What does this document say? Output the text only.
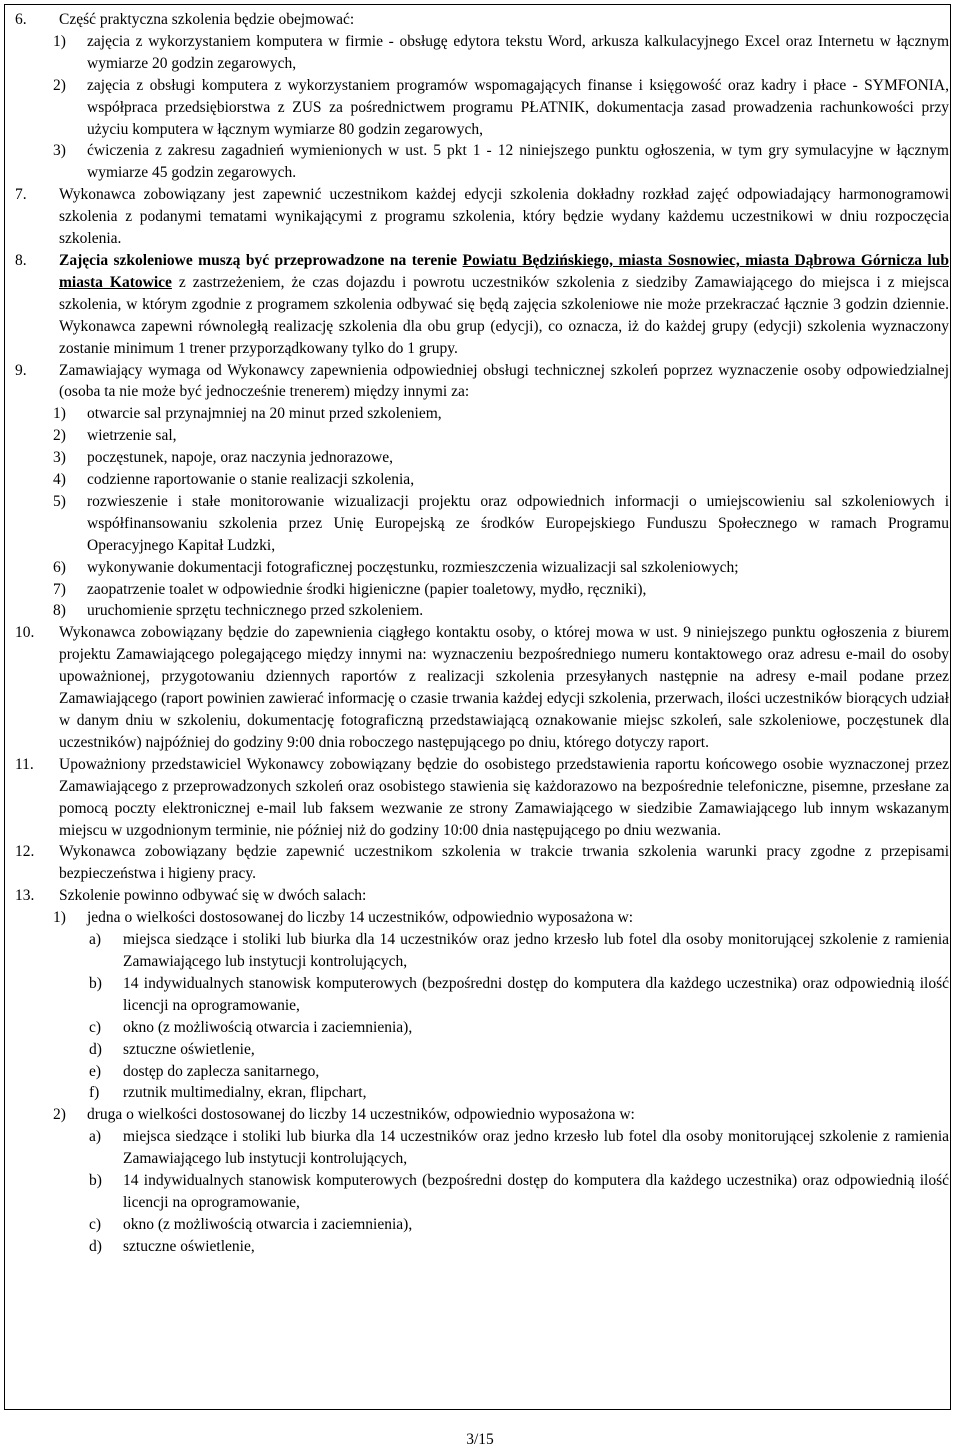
6. Część praktyczna szkolenia będzie obejmować:
1) zajęcia z wykorzystaniem komputera w firmie - obsługę edytora tekstu Word, arkusza kalkulacyjnego Excel oraz Internetu w łącznym wymiarze 20 godzin zegarowych,
2) zajęcia z obsługi komputera z wykorzystaniem programów wspomagających finanse i księgowość oraz kadry i płace - SYMFONIA, współpraca przedsiębiorstwa z ZUS za pośrednictwem programu PŁATNIK, dokumentacja zasad prowadzenia rachunkowości przy użyciu komputera w łącznym wymiarze 80 godzin zegarowych,
3) ćwiczenia z zakresu zagadnień wymienionych w ust. 5 pkt 1 - 12 niniejszego punktu ogłoszenia, w tym gry symulacyjne w łącznym wymiarze 45 godzin zegarowych.
7. Wykonawca zobowiązany jest zapewnić uczestnikom każdej edycji szkolenia dokładny rozkład zajęć odpowiadający harmonogramowi szkolenia z podanymi tematami wynikającymi z programu szkolenia, który będzie wydany każdemu uczestnikowi w dniu rozpoczęcia szkolenia.
8. Zajęcia szkoleniowe muszą być przeprowadzone na terenie Powiatu Będzińskiego, miasta Sosnowiec, miasta Dąbrowa Górnicza lub miasta Katowice z zastrzeżeniem, że czas dojazdu i powrotu uczestników szkolenia z siedziby Zamawiającego do miejsca i z miejsca szkolenia, w którym zgodnie z programem szkolenia odbywać się będą zajęcia szkoleniowe nie może przekraczać łącznie 3 godzin dziennie. Wykonawca zapewni równoległą realizację szkolenia dla obu grup (edycji), co oznacza, iż do każdej grupy (edycji) szkolenia wyznaczony zostanie minimum 1 trener przyporządkowany tylko do 1 grupy.
9. Zamawiający wymaga od Wykonawcy zapewnienia odpowiedniej obsługi technicznej szkoleń poprzez wyznaczenie osoby odpowiedzialnej (osoba ta nie może być jednocześnie trenerem) między innymi za:
1) otwarcie sal przynajmniej na 20 minut przed szkoleniem,
2) wietrzenie sal,
3) poczęstunek, napoje, oraz naczynia jednorazowe,
4) codzienne raportowanie o stanie realizacji szkolenia,
5) rozwieszenie i stałe monitorowanie wizualizacji projektu oraz odpowiednich informacji o umiejscowieniu sal szkoleniowych i współfinansowaniu szkolenia przez Unię Europejską ze środków Europejskiego Funduszu Społecznego w ramach Programu Operacyjnego Kapitał Ludzki,
6) wykonywanie dokumentacji fotograficznej poczęstunku, rozmieszczenia wizualizacji sal szkoleniowych;
7) zaopatrzenie toalet w odpowiednie środki higieniczne (papier toaletowy, mydło, ręczniki),
8) uruchomienie sprzętu technicznego przed szkoleniem.
10. Wykonawca zobowiązany będzie do zapewnienia ciągłego kontaktu osoby, o której mowa w ust. 9 niniejszego punktu ogłoszenia z biurem projektu Zamawiającego polegającego między innymi na: wyznaczeniu bezpośredniego numeru kontaktowego oraz adresu e-mail do osoby upoważnionej, przygotowaniu dziennych raportów z realizacji szkolenia przesyłanych następnie na adresy e-mail podane przez Zamawiającego (raport powinien zawierać informację o czasie trwania każdej edycji szkolenia, przerwach, ilości uczestników biorących udział w danym dniu w szkoleniu, dokumentację fotograficzną przedstawiającą oznakowanie miejsc szkoleń, sale szkoleniowe, poczęstunek dla uczestników) najpóźniej do godziny 9:00 dnia roboczego następującego po dniu, którego dotyczy raport.
11. Upoważniony przedstawiciel Wykonawcy zobowiązany będzie do osobistego przedstawienia raportu końcowego osobie wyznaczonej przez Zamawiającego z przeprowadzonych szkoleń oraz osobistego stawienia się każdorazowo na bezpośrednie telefoniczne, pisemne, przesłane za pomocą poczty elektronicznej e-mail lub faksem wezwanie ze strony Zamawiającego w siedzibie Zamawiającego lub innym wskazanym miejscu w uzgodnionym terminie, nie później niż do godziny 10:00 dnia następującego po dniu wezwania.
12. Wykonawca zobowiązany będzie zapewnić uczestnikom szkolenia w trakcie trwania szkolenia warunki pracy zgodne z przepisami bezpieczeństwa i higieny pracy.
13. Szkolenie powinno odbywać się w dwóch salach:
1) jedna o wielkości dostosowanej do liczby 14 uczestników, odpowiednio wyposażona w:
a) miejsca siedzące i stoliki lub biurka dla 14 uczestników oraz jedno krzesło lub fotel dla osoby monitorującej szkolenie z ramienia Zamawiającego lub instytucji kontrolujących,
b) 14 indywidualnych stanowisk komputerowych (bezpośredni dostęp do komputera dla każdego uczestnika) oraz odpowiednią ilość licencji na oprogramowanie,
c) okno (z możliwością otwarcia i zaciemnienia),
d) sztuczne oświetlenie,
e) dostęp do zaplecza sanitarnego,
f) rzutnik multimedialny, ekran, flipchart,
2) druga o wielkości dostosowanej do liczby 14 uczestników, odpowiednio wyposażona w:
a) miejsca siedzące i stoliki lub biurka dla 14 uczestników oraz jedno krzesło lub fotel dla osoby monitorującej szkolenie z ramienia Zamawiającego lub instytucji kontrolujących,
b) 14 indywidualnych stanowisk komputerowych (bezpośredni dostęp do komputera dla każdego uczestnika) oraz odpowiednią ilość licencji na oprogramowanie,
c) okno (z możliwością otwarcia i zaciemnienia),
d) sztuczne oświetlenie,
3/15
